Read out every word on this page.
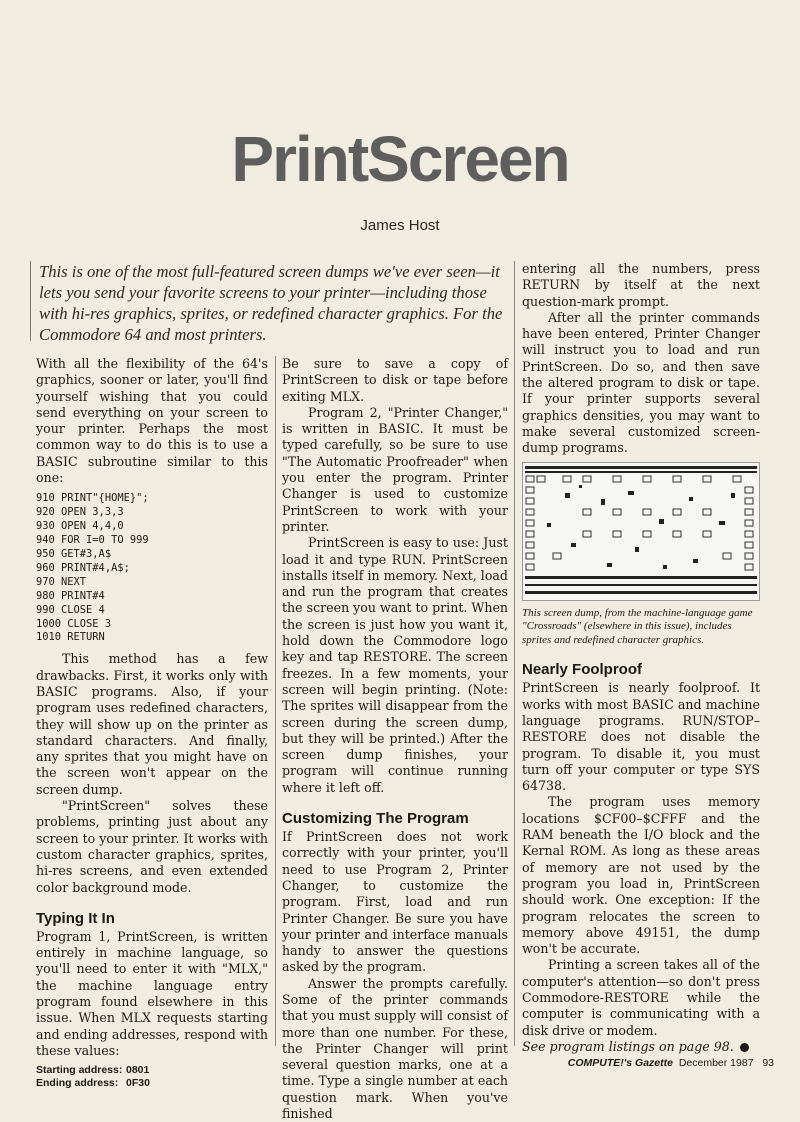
PrintScreen
James Host
This is one of the most full-featured screen dumps we've ever seen—it lets you send your favorite screens to your printer—including those with hi-res graphics, sprites, or redefined character graphics. For the Commodore 64 and most printers.

With all the flexibility of the 64's graphics, sooner or later, you'll find yourself wishing that you could send everything on your screen to your printer. Perhaps the most common way to do this is to use a BASIC subroutine similar to this one:

910 PRINT"{HOME}";
920 OPEN 3,3,3
930 OPEN 4,4,0
940 FOR I=0 TO 999
950 GET#3,A$
960 PRINT#4,A$;
970 NEXT
980 PRINT#4
990 CLOSE 4
1000 CLOSE 3
1010 RETURN

This method has a few drawbacks. First, it works only with BASIC programs. Also, if your program uses redefined characters, they will show up on the printer as standard characters. And finally, any sprites that you might have on the screen won't appear on the screen dump.

"PrintScreen" solves these problems, printing just about any screen to your printer. It works with custom character graphics, sprites, hi-res screens, and even extended color background mode.

Typing It In

Program 1, PrintScreen, is written entirely in machine language, so you'll need to enter it with "MLX," the machine language entry program found elsewhere in this issue. When MLX requests starting and ending addresses, respond with these values:

Starting address: 0801
Ending address: 0F30

Be sure to save a copy of PrintScreen to disk or tape before exiting MLX.

Program 2, "Printer Changer," is written in BASIC. It must be typed carefully, so be sure to use "The Automatic Proofreader" when you enter the program. Printer Changer is used to customize PrintScreen to work with your printer.

PrintScreen is easy to use: Just load it and type RUN. PrintScreen installs itself in memory. Next, load and run the program that creates the screen you want to print. When the screen is just how you want it, hold down the Commodore logo key and tap RESTORE. The screen freezes. In a few moments, your screen will begin printing. (Note: The sprites will disappear from the screen during the screen dump, but they will be printed.) After the screen dump finishes, your program will continue running where it left off.

Customizing The Program

If PrintScreen does not work correctly with your printer, you'll need to use Program 2, Printer Changer, to customize the program. First, load and run Printer Changer. Be sure you have your printer and interface manuals handy to answer the questions asked by the program.

Answer the prompts carefully. Some of the printer commands that you must supply will consist of more than one number. For these, the Printer Changer will print several question marks, one at a time. Type a single number at each question mark. When you've finished

entering all the numbers, press RETURN by itself at the next question-mark prompt.

After all the printer commands have been entered, Printer Changer will instruct you to load and run PrintScreen. Do so, and then save the altered program to disk or tape. If your printer supports several graphics densities, you may want to make several customized screen-dump programs.

This screen dump, from the machine-language game "Crossroads" (elsewhere in this issue), includes sprites and redefined character graphics.
Nearly Foolproof

PrintScreen is nearly foolproof. It works with most BASIC and machine language programs. RUN/STOP–RESTORE does not disable the program. To disable it, you must turn off your computer or type SYS 64738.

The program uses memory locations $CF00–$CFFF and the RAM beneath the I/O block and the Kernal ROM. As long as these areas of memory are not used by the program you load in, PrintScreen should work. One exception: If the program relocates the screen to memory above 49151, the dump won't be accurate.

Printing a screen takes all of the computer's attention—so don't press Commodore-RESTORE while the computer is communicating with a disk drive or modem.

See program listings on page 98.

COMPUTE!'s Gazette December 1987 93
